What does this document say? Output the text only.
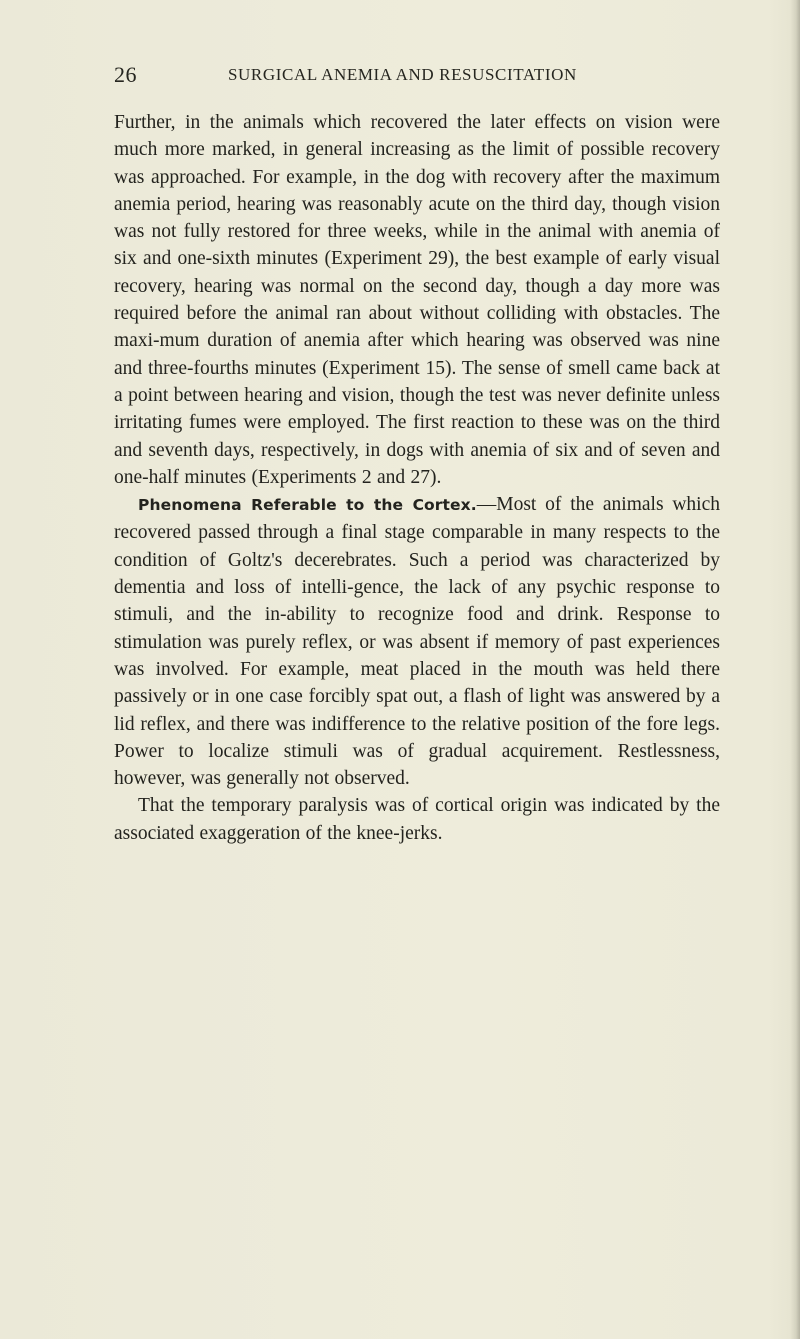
26	SURGICAL ANEMIA AND RESUSCITATION

Further, in the animals which recovered the later effects on vision were much more marked, in general increasing as the limit of possible recovery was approached. For example, in the dog with recovery after the maximum anemia period, hearing was reasonably acute on the third day, though vision was not fully restored for three weeks, while in the animal with anemia of six and one-sixth minutes (Experiment 29), the best example of early visual recovery, hearing was normal on the second day, though a day more was required before the animal ran about without colliding with obstacles. The maxi-mum duration of anemia after which hearing was observed was nine and three-fourths minutes (Experiment 15). The sense of smell came back at a point between hearing and vision, though the test was never definite unless irritating fumes were employed. The first reaction to these was on the third and seventh days, respectively, in dogs with anemia of six and of seven and one-half minutes (Experiments 2 and 27).

Phenomena Referable to the Cortex.—Most of the animals which recovered passed through a final stage comparable in many respects to the condition of Goltz's decerebrates. Such a period was characterized by dementia and loss of intelli-gence, the lack of any psychic response to stimuli, and the in-ability to recognize food and drink. Response to stimulation was purely reflex, or was absent if memory of past experiences was involved. For example, meat placed in the mouth was held there passively or in one case forcibly spat out, a flash of light was answered by a lid reflex, and there was indifference to the relative position of the fore legs. Power to localize stimuli was of gradual acquirement. Restlessness, however, was generally not observed.

That the temporary paralysis was of cortical origin was indicated by the associated exaggeration of the knee-jerks.
